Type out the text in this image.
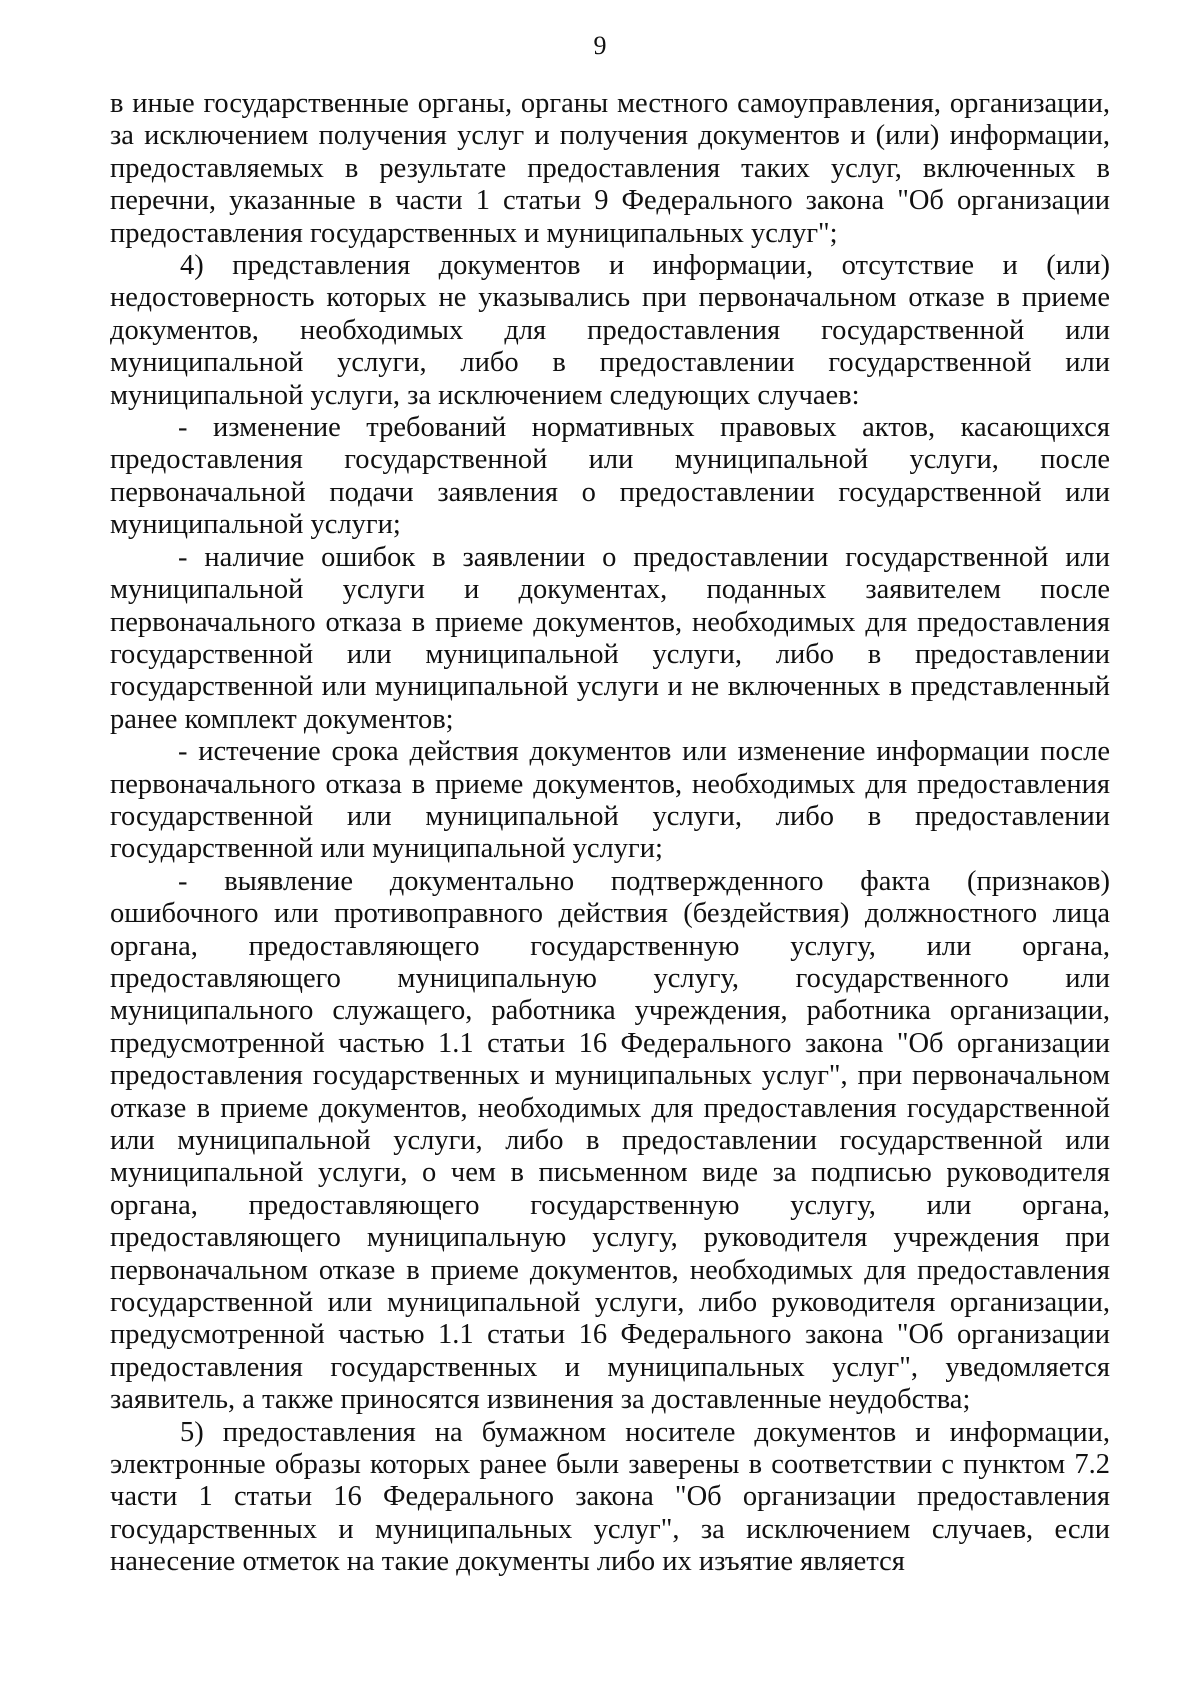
9

в иные государственные органы, органы местного самоуправления, организации, за исключением получения услуг и получения документов и (или) информации, предоставляемых в результате предоставления таких услуг, включенных в перечни, указанные в части 1 статьи 9 Федерального закона "Об организации предоставления государственных и муниципальных услуг";

4) представления документов и информации, отсутствие и (или) недостоверность которых не указывались при первоначальном отказе в приеме документов, необходимых для предоставления государственной или муниципальной услуги, либо в предоставлении государственной или муниципальной услуги, за исключением следующих случаев:

- изменение требований нормативных правовых актов, касающихся предоставления государственной или муниципальной услуги, после первоначальной подачи заявления о предоставлении государственной или муниципальной услуги;

- наличие ошибок в заявлении о предоставлении государственной или муниципальной услуги и документах, поданных заявителем после первоначального отказа в приеме документов, необходимых для предоставления государственной или муниципальной услуги, либо в предоставлении государственной или муниципальной услуги и не включенных в представленный ранее комплект документов;

- истечение срока действия документов или изменение информации после первоначального отказа в приеме документов, необходимых для предоставления государственной или муниципальной услуги, либо в предоставлении государственной или муниципальной услуги;

- выявление документально подтвержденного факта (признаков) ошибочного или противоправного действия (бездействия) должностного лица органа, предоставляющего государственную услугу, или органа, предоставляющего муниципальную услугу, государственного или муниципального служащего, работника учреждения, работника организации, предусмотренной частью 1.1 статьи 16 Федерального закона "Об организации предоставления государственных и муниципальных услуг", при первоначальном отказе в приеме документов, необходимых для предоставления государственной или муниципальной услуги, либо в предоставлении государственной или муниципальной услуги, о чем в письменном виде за подписью руководителя органа, предоставляющего государственную услугу, или органа, предоставляющего муниципальную услугу, руководителя учреждения при первоначальном отказе в приеме документов, необходимых для предоставления государственной или муниципальной услуги, либо руководителя организации, предусмотренной частью 1.1 статьи 16 Федерального закона "Об организации предоставления государственных и муниципальных услуг", уведомляется заявитель, а также приносятся извинения за доставленные неудобства;

5) предоставления на бумажном носителе документов и информации, электронные образы которых ранее были заверены в соответствии с пунктом 7.2 части 1 статьи 16 Федерального закона "Об организации предоставления государственных и муниципальных услуг", за исключением случаев, если нанесение отметок на такие документы либо их изъятие является
